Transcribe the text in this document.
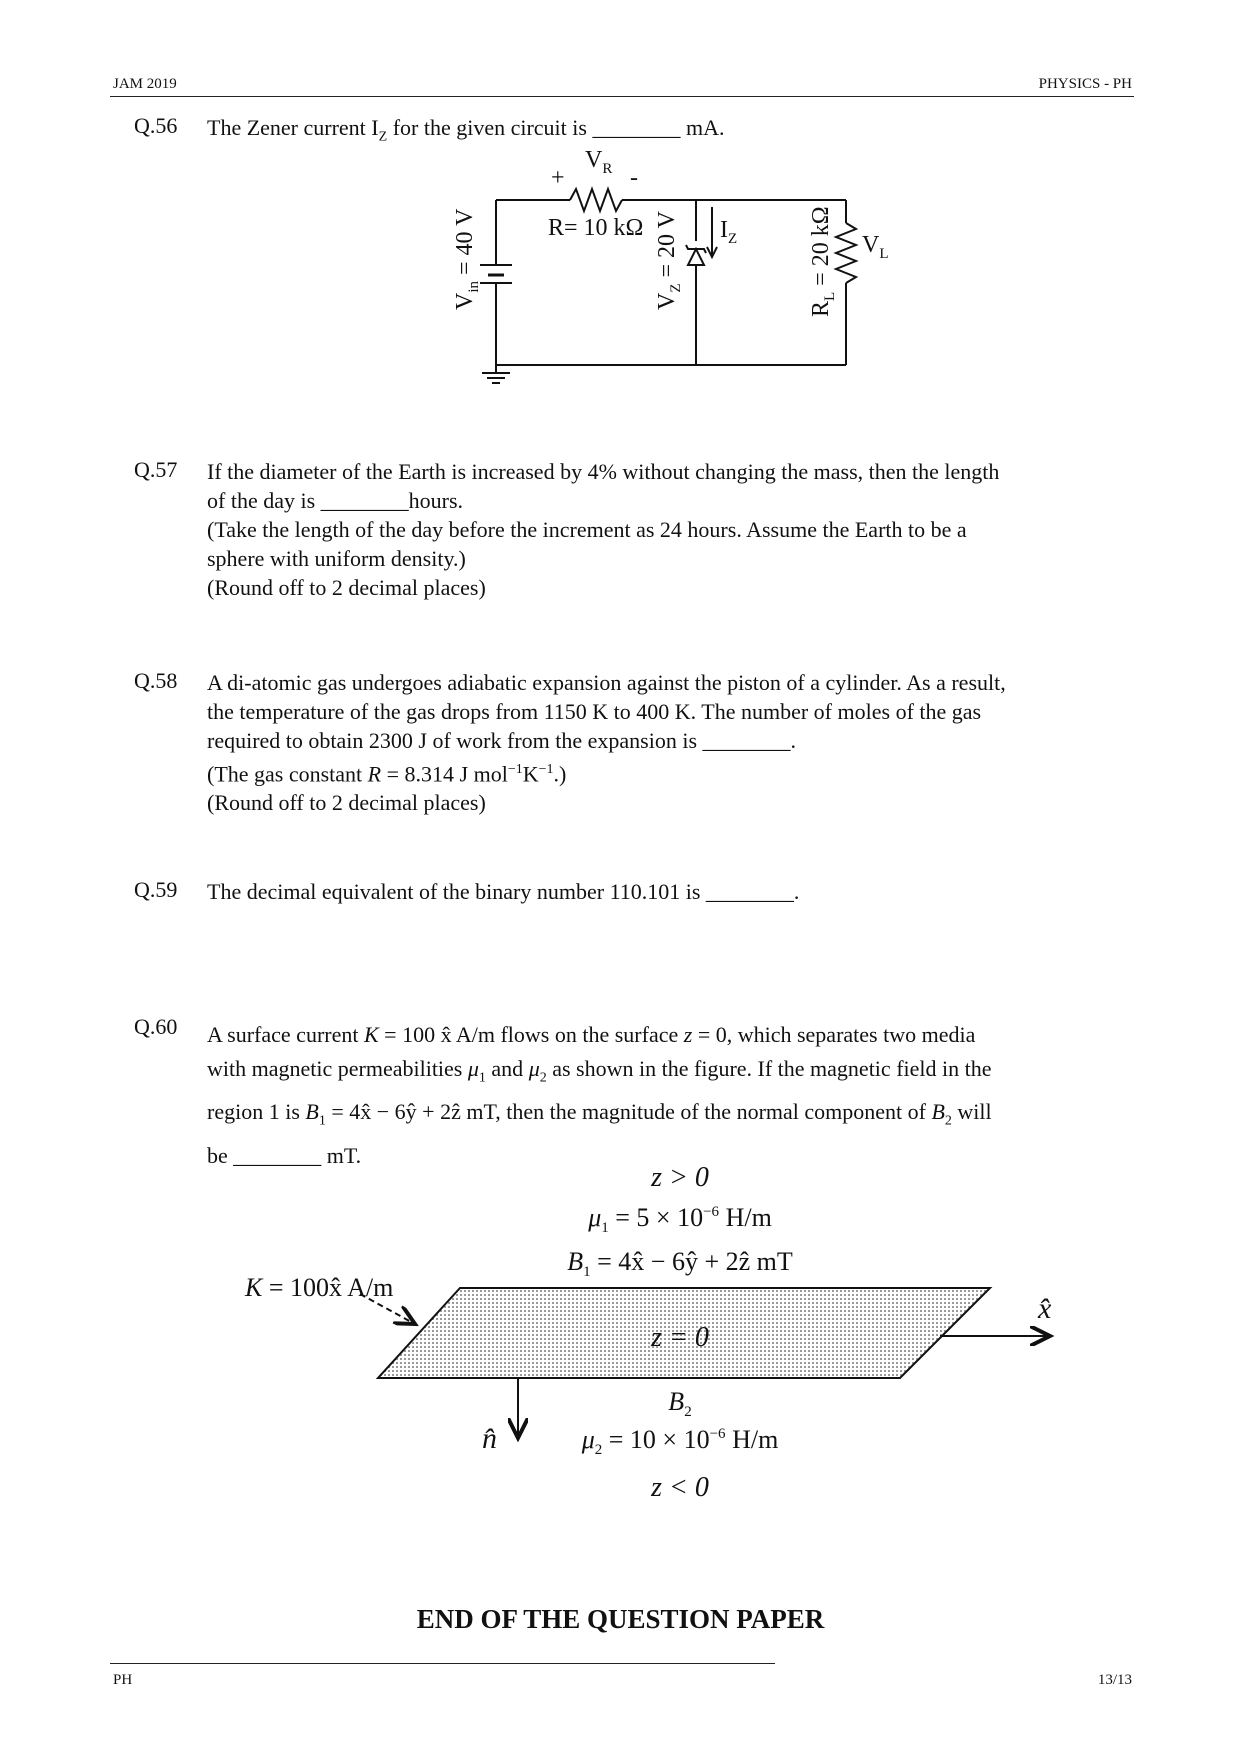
JAM 2019	PHYSICS - PH
Q.56 The Zener current $I_Z$ for the given circuit is ________ mA.
$V_R$
+	-
R= 10 kΩ	$I_Z$	$V_L$
$V_{in} = 40$ V
$V_Z = 20$ V
$R_L = 20$ kΩ
Q.57 If the diameter of the Earth is increased by 4% without changing the mass, then the length
of the day is ________hours.
(Take the length of the day before the increment as 24 hours. Assume the Earth to be a
sphere with uniform density.)
(Round off to 2 decimal places)
Q.58 A di-atomic gas undergoes adiabatic expansion against the piston of a cylinder. As a result,
the temperature of the gas drops from 1150 K to 400 K. The number of moles of the gas
required to obtain 2300 J of work from the expansion is ________.
(The gas constant R = 8.314 J $mol^{-1}K^{-1}$.)
(Round off to 2 decimal places)
Q.59 The decimal equivalent of the binary number 110.101 is ________.
Q.60 A surface current K = 100 x̂ A/m flows on the surface z = 0, which separates two media
with magnetic permeabilities $\mu_1$ and $\mu_2$ as shown in the figure. If the magnetic field in the
region 1 is $B_1$ = 4x̂ − 6ŷ + 2ẑ mT, then the magnitude of the normal component of $B_2$ will
be ________ mT.
z > 0
$\mu_1 = 5 \times 10^{-6}$ H/m
$B_1$ = 4x̂ − 6ŷ + 2ẑ mT
K = 100x̂ A/m
z = 0
x̂
$B_2$
n̂	$\mu_2 = 10 \times 10^{-6}$ H/m
z < 0
END OF THE QUESTION PAPER
PH	13/13
